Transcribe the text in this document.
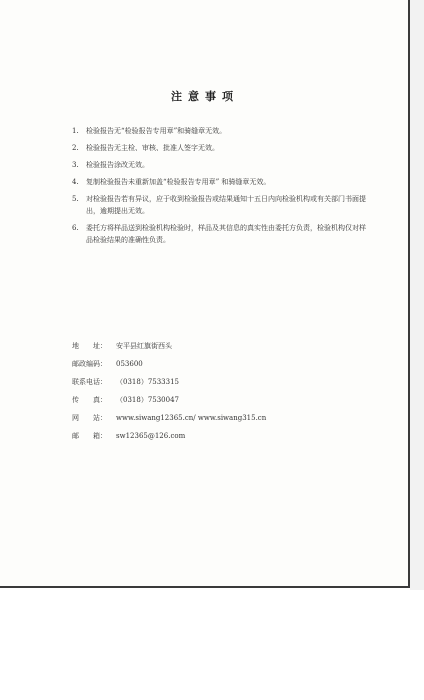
注意事项
1. 检验报告无“检验报告专用章”和骑缝章无效。
2. 检验报告无主检、审核、批准人签字无效。
3. 检验报告涂改无效。
4. 复制检验报告未重新加盖“检验报告专用章” 和骑缝章无效。
5. 对检验报告若有异议，应于收到检验报告或结果通知十五日内向检验机构或有关部门书面提出，逾期提出无效。
6. 委托方将样品送到检验机构检验时，样品及其信息的真实性由委托方负责，检验机构仅对样品检验结果的准确性负责。
地　　址：	安平县红旗街西头
邮政编码：	053600
联系电话：	（0318）7533315
传　　真：	（0318）7530047
网　　站：	www.siwang12365.cn/ www.siwang315.cn
邮　　箱：	sw12365@126.com
